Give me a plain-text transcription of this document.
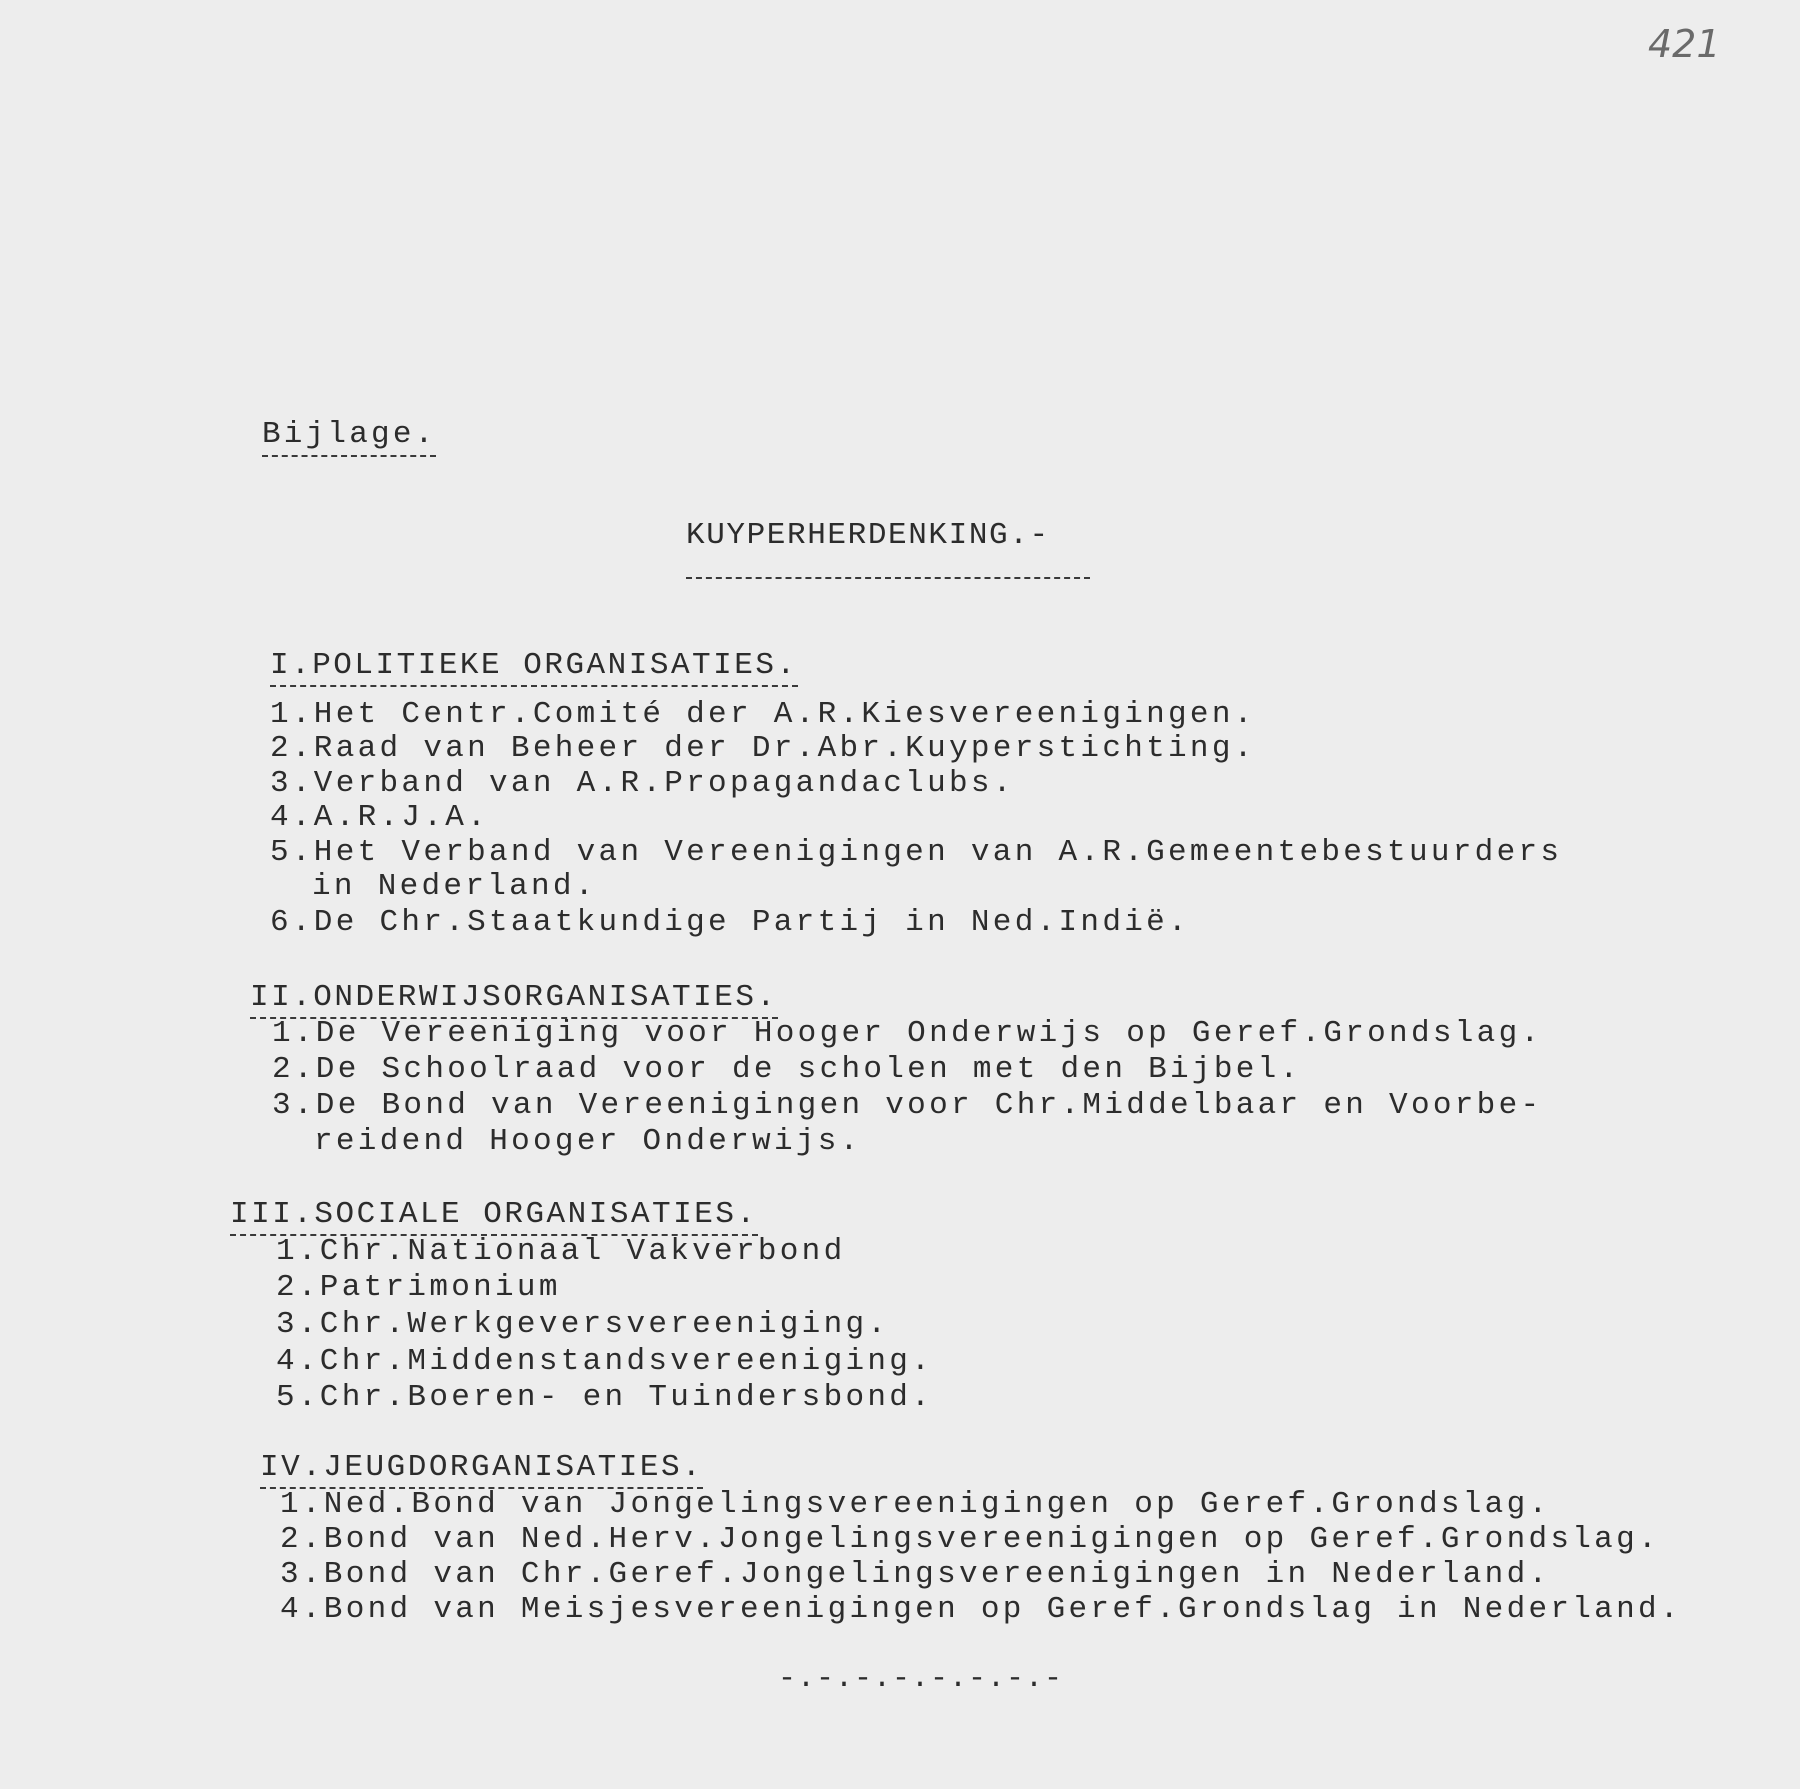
421
Bijlage.
KUYPERHERDENKING.-
I.POLITIEKE ORGANISATIES.
1.Het Centr.Comité der A.R.Kiesvereenigingen.
2.Raad van Beheer der Dr.Abr.Kuyperstichting.
3.Verband van A.R.Propagandaclubs.
4.A.R.J.A.
5.Het Verband van Vereenigingen van A.R.Gemeentebestuurders
in Nederland.
6.De Chr.Staatkundige Partij in Ned.Indië.
II.ONDERWIJSORGANISATIES.
1.De Vereeniging voor Hooger Onderwijs op Geref.Grondslag.
2.De Schoolraad voor de scholen met den Bijbel.
3.De Bond van Vereenigingen voor Chr.Middelbaar en Voorbe-
reidend Hooger Onderwijs.
III.SOCIALE ORGANISATIES.
1.Chr.Nationaal Vakverbond
2.Patrimonium
3.Chr.Werkgeversvereeniging.
4.Chr.Middenstandsvereeniging.
5.Chr.Boeren- en Tuindersbond.
IV.JEUGDORGANISATIES.
1.Ned.Bond van Jongelingsvereenigingen op Geref.Grondslag.
2.Bond van Ned.Herv.Jongelingsvereenigingen op Geref.Grondslag.
3.Bond van Chr.Geref.Jongelingsvereenigingen in Nederland.
4.Bond van Meisjesvereenigingen op Geref.Grondslag in Nederland.
-.-.-.-.-.-.-.-
